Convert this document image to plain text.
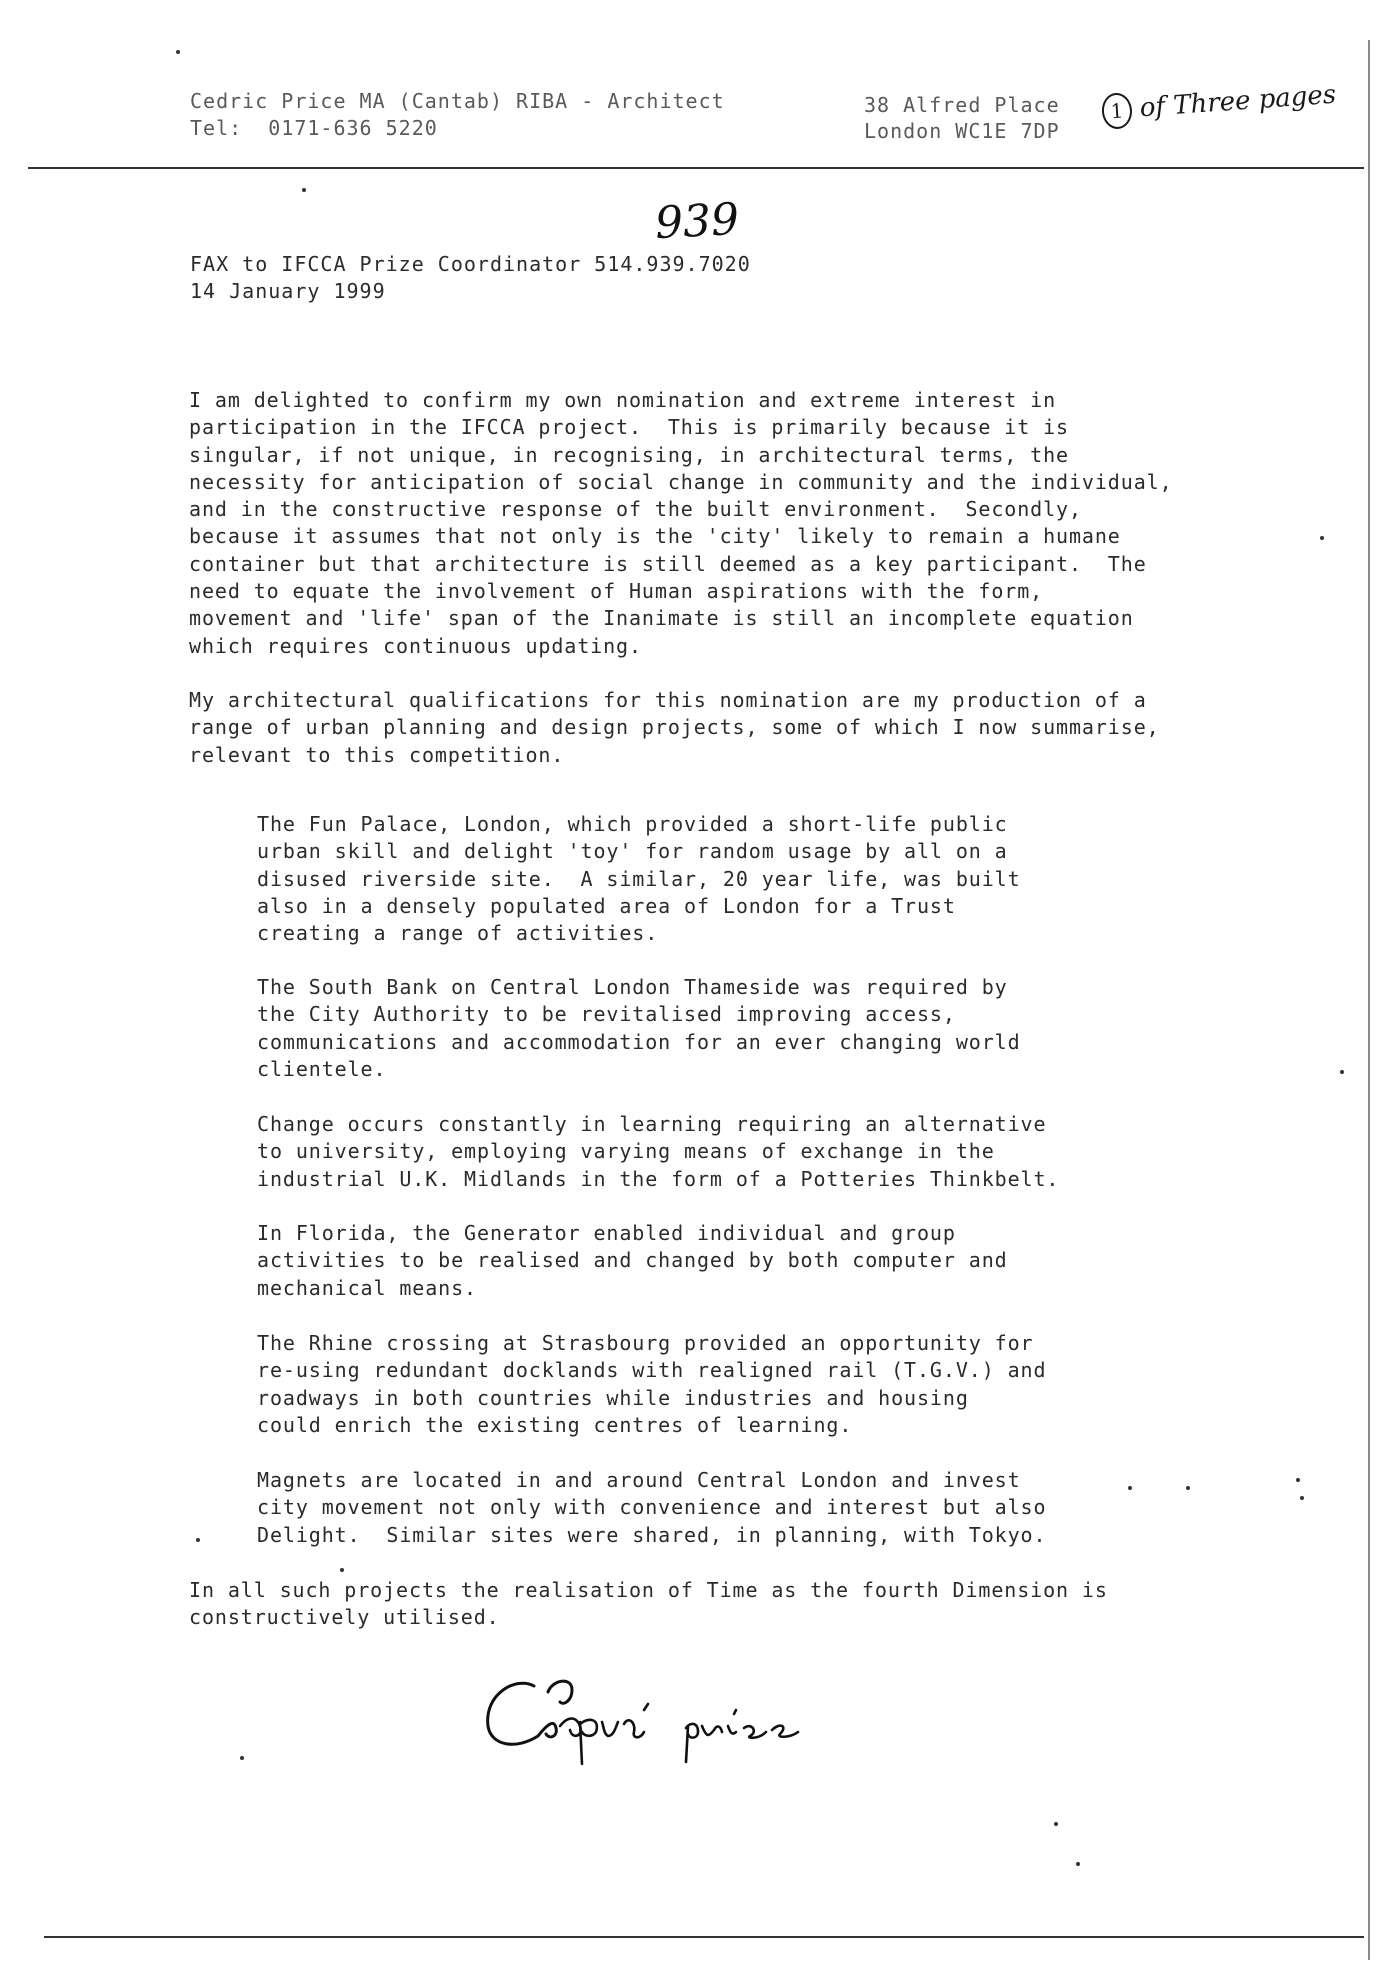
Cedric Price MA (Cantab) RIBA - Architect
Tel:  0171-636 5220
38 Alfred Place
London WC1E 7DP
1 of Three pages
939
FAX to IFCCA Prize Coordinator 514.939.7020
14 January 1999
I am delighted to confirm my own nomination and extreme interest in
participation in the IFCCA project.  This is primarily because it is
singular, if not unique, in recognising, in architectural terms, the
necessity for anticipation of social change in community and the individual,
and in the constructive response of the built environment.  Secondly,
because it assumes that not only is the 'city' likely to remain a humane
container but that architecture is still deemed as a key participant.  The
need to equate the involvement of Human aspirations with the form,
movement and 'life' span of the Inanimate is still an incomplete equation
which requires continuous updating.
My architectural qualifications for this nomination are my production of a
range of urban planning and design projects, some of which I now summarise,
relevant to this competition.
The Fun Palace, London, which provided a short-life public
urban skill and delight 'toy' for random usage by all on a
disused riverside site.  A similar, 20 year life, was built
also in a densely populated area of London for a Trust
creating a range of activities.
The South Bank on Central London Thameside was required by
the City Authority to be revitalised improving access,
communications and accommodation for an ever changing world
clientele.
Change occurs constantly in learning requiring an alternative
to university, employing varying means of exchange in the
industrial U.K. Midlands in the form of a Potteries Thinkbelt.
In Florida, the Generator enabled individual and group
activities to be realised and changed by both computer and
mechanical means.
The Rhine crossing at Strasbourg provided an opportunity for
re-using redundant docklands with realigned rail (T.G.V.) and
roadways in both countries while industries and housing
could enrich the existing centres of learning.
Magnets are located in and around Central London and invest
city movement not only with convenience and interest but also
Delight.  Similar sites were shared, in planning, with Tokyo.
In all such projects the realisation of Time as the fourth Dimension is
constructively utilised.
